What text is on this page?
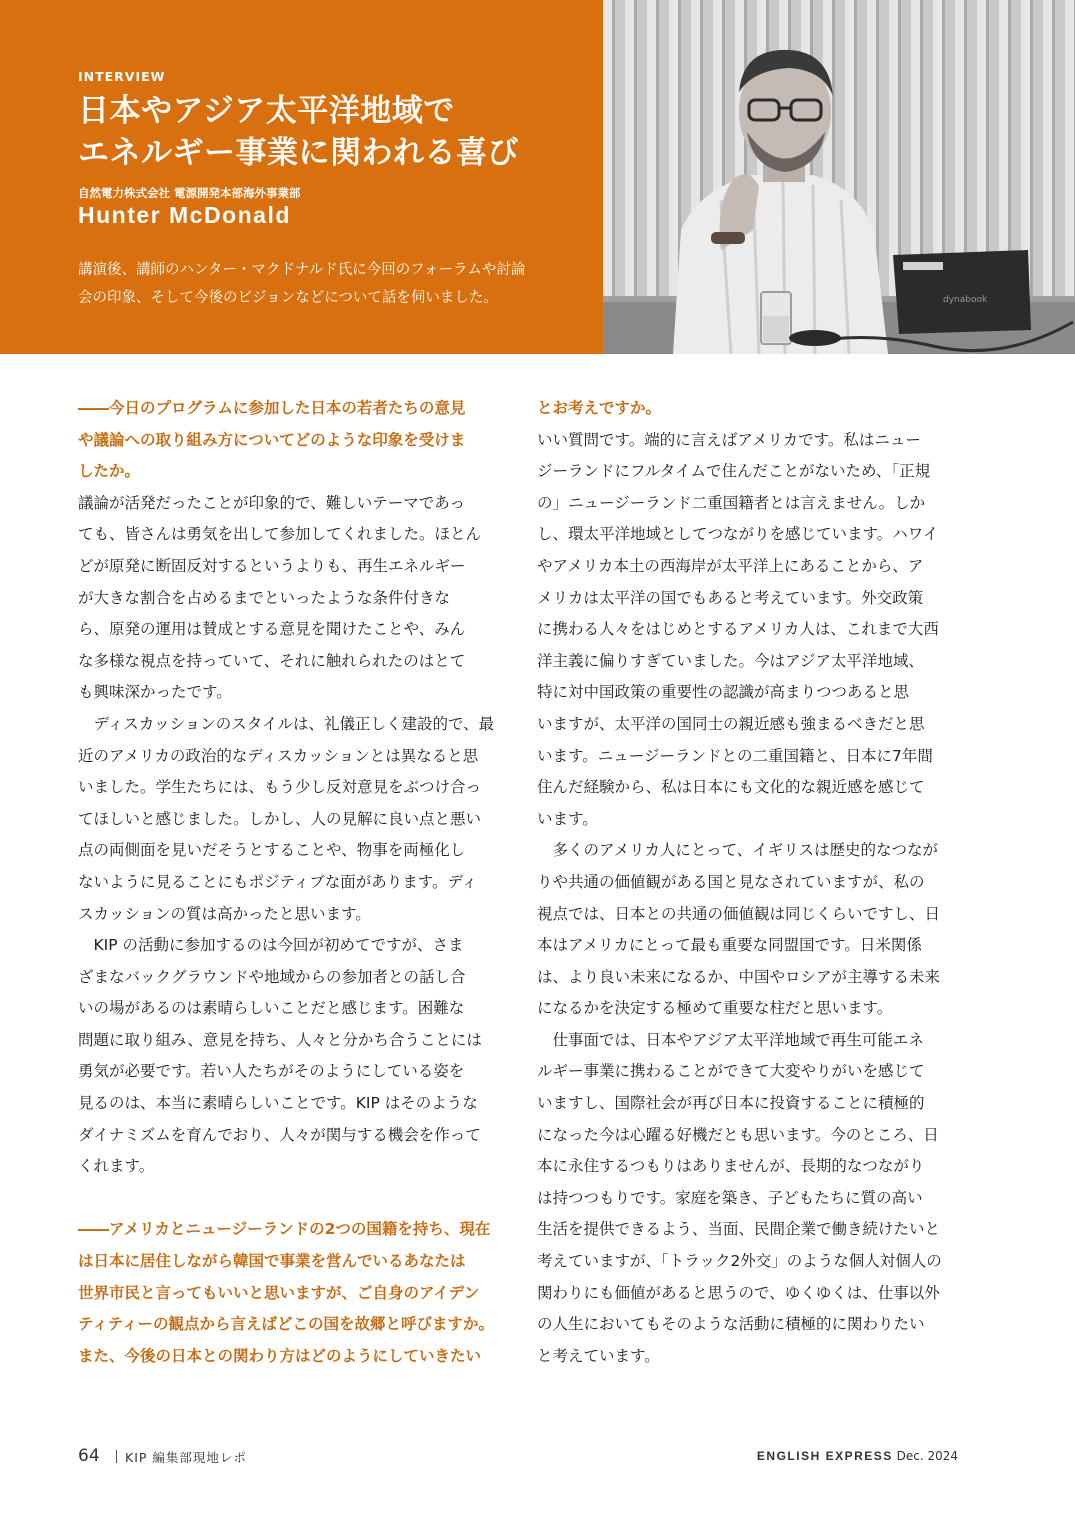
INTERVIEW
日本やアジア太平洋地域で
エネルギー事業に関われる喜び
自然電力株式会社 電源開発本部海外事業部
Hunter McDonald
講演後、講師のハンター・マクドナルド氏に今回のフォーラムや討論
会の印象、そして今後のビジョンなどについて話を伺いました。	dynabook
――今日のプログラムに参加した日本の若者たちの意見
や議論への取り組み方についてどのような印象を受けま
したか。
議論が活発だったことが印象的で、難しいテーマであっ
ても、皆さんは勇気を出して参加してくれました。ほとん
どが原発に断固反対するというよりも、再生エネルギー
が大きな割合を占めるまでといったような条件付きな
ら、原発の運用は賛成とする意見を聞けたことや、みん
な多様な視点を持っていて、それに触れられたのはとて
も興味深かったです。
　ディスカッションのスタイルは、礼儀正しく建設的で、最
近のアメリカの政治的なディスカッションとは異なると思
いました。学生たちには、もう少し反対意見をぶつけ合っ
てほしいと感じました。しかし、人の見解に良い点と悪い
点の両側面を見いだそうとすることや、物事を両極化し
ないように見ることにもポジティブな面があります。ディ
スカッションの質は高かったと思います。
　KIP の活動に参加するのは今回が初めてですが、さま
ざまなバックグラウンドや地域からの参加者との話し合
いの場があるのは素晴らしいことだと感じます。困難な
問題に取り組み、意見を持ち、人々と分かち合うことには
勇気が必要です。若い人たちがそのようにしている姿を
見るのは、本当に素晴らしいことです。KIP はそのような
ダイナミズムを育んでおり、人々が関与する機会を作って
くれます。
――アメリカとニュージーランドの2つの国籍を持ち、現在
は日本に居住しながら韓国で事業を営んでいるあなたは
世界市民と言ってもいいと思いますが、ご自身のアイデン
ティティーの観点から言えばどこの国を故郷と呼びますか。
また、今後の日本との関わり方はどのようにしていきたい
とお考えですか。
いい質問です。端的に言えばアメリカです。私はニュー
ジーランドにフルタイムで住んだことがないため、「正規
の」ニュージーランド二重国籍者とは言えません。しか
し、環太平洋地域としてつながりを感じています。ハワイ
やアメリカ本土の西海岸が太平洋上にあることから、ア
メリカは太平洋の国でもあると考えています。外交政策
に携わる人々をはじめとするアメリカ人は、これまで大西
洋主義に偏りすぎていました。今はアジア太平洋地域、
特に対中国政策の重要性の認識が高まりつつあると思
いますが、太平洋の国同士の親近感も強まるべきだと思
います。ニュージーランドとの二重国籍と、日本に7年間
住んだ経験から、私は日本にも文化的な親近感を感じて
います。
　多くのアメリカ人にとって、イギリスは歴史的なつなが
りや共通の価値観がある国と見なされていますが、私の
視点では、日本との共通の価値観は同じくらいですし、日
本はアメリカにとって最も重要な同盟国です。日米関係
は、より良い未来になるか、中国やロシアが主導する未来
になるかを決定する極めて重要な柱だと思います。
　仕事面では、日本やアジア太平洋地域で再生可能エネ
ルギー事業に携わることができて大変やりがいを感じて
いますし、国際社会が再び日本に投資することに積極的
になった今は心躍る好機だとも思います。今のところ、日
本に永住するつもりはありませんが、長期的なつながり
は持つつもりです。家庭を築き、子どもたちに質の高い
生活を提供できるよう、当面、民間企業で働き続けたいと
考えていますが、「トラック2外交」のような個人対個人の
関わりにも価値があると思うので、ゆくゆくは、仕事以外
の人生においてもそのような活動に積極的に関わりたい
と考えています。
64	KIP 編集部現地レポ	ENGLISH EXPRESS Dec. 2024
